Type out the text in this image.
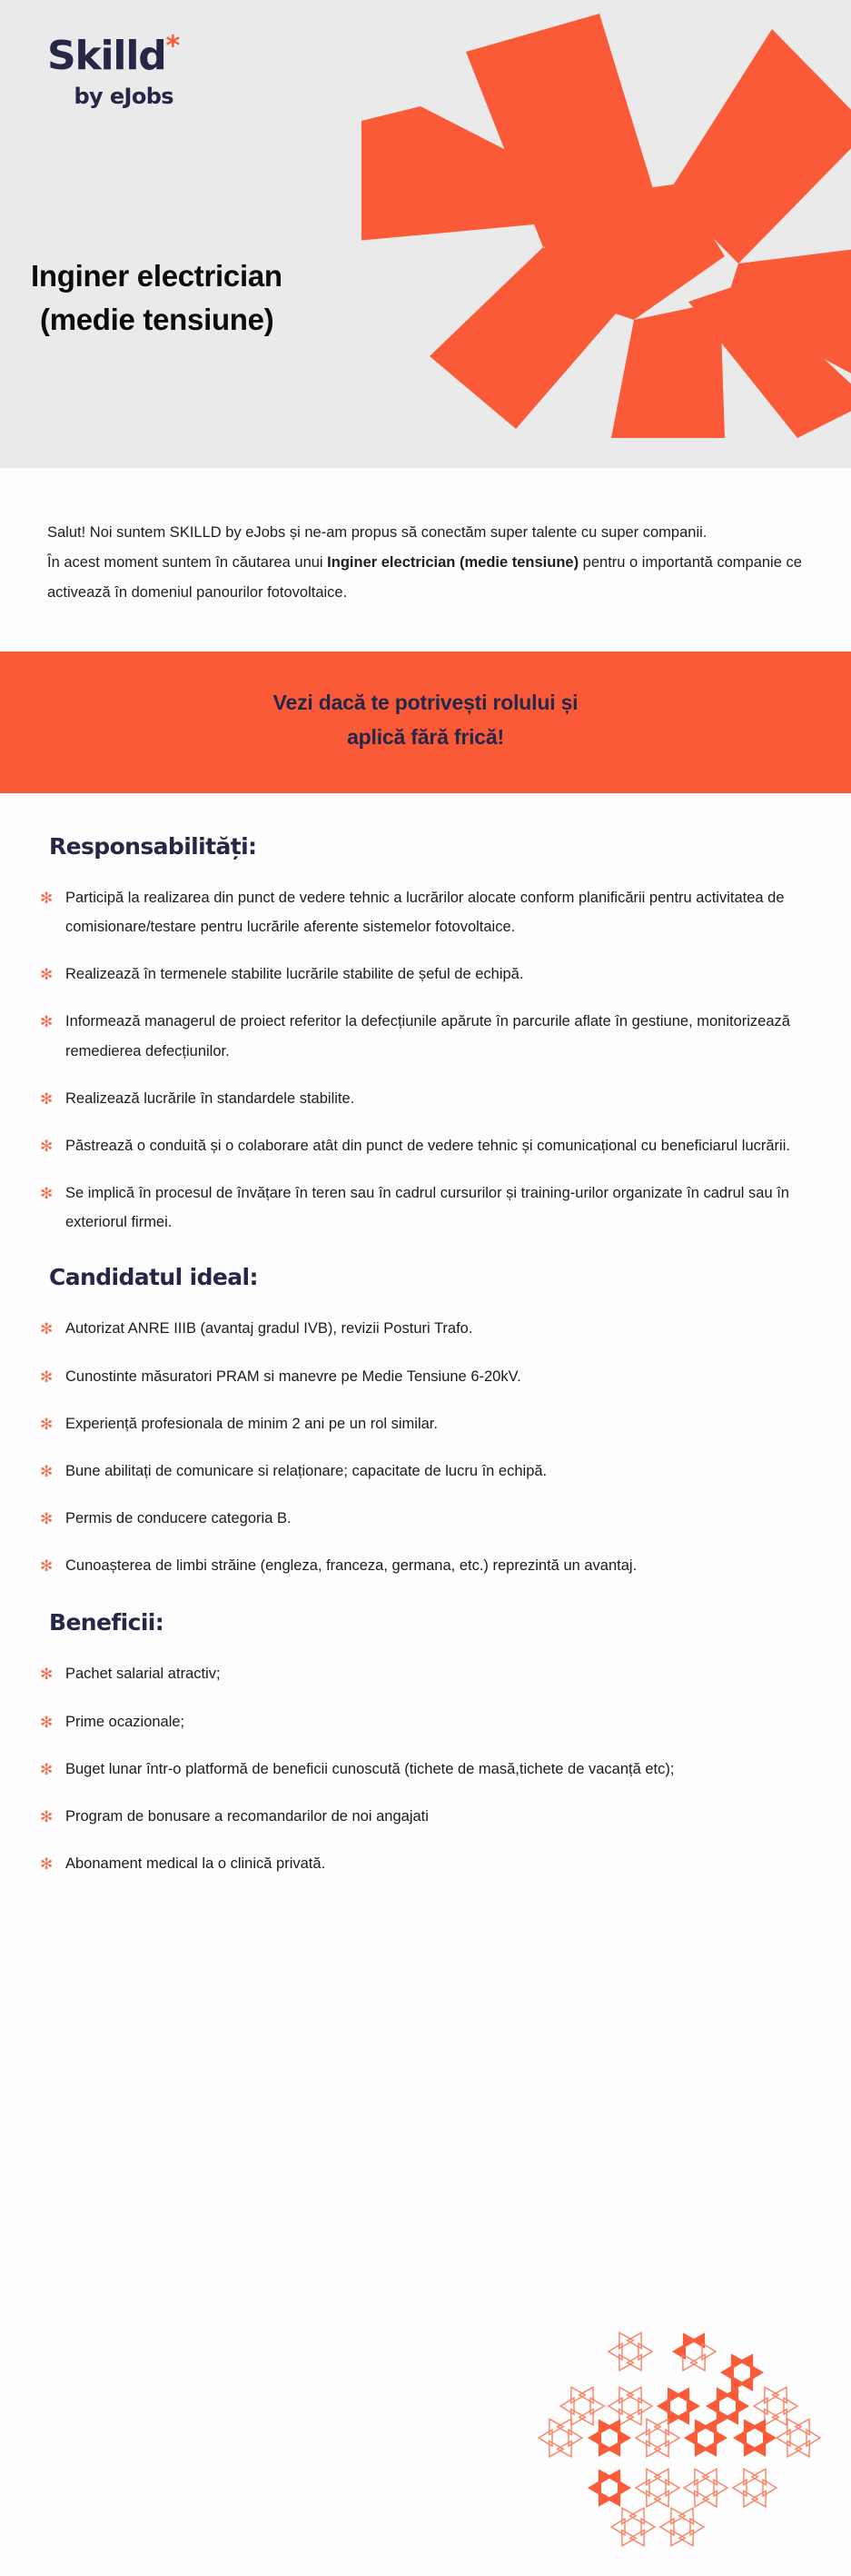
Skilld*
by eJobs
Inginer electrician
(medie tensiune)

Salut! Noi suntem SKILLD by eJobs și ne-am propus să conectăm super talente cu super companii.

În acest moment suntem în căutarea unui Inginer electrician (medie tensiune) pentru o importantă companie ce activează în domeniul panourilor fotovoltaice.

Vezi dacă te potrivești rolului și
aplică fără frică!
Responsabilități:
✻ Participă la realizarea din punct de vedere tehnic a lucrărilor alocate conform planificării pentru activitatea de comisionare/testare pentru lucrările aferente sistemelor fotovoltaice.
✻ Realizează în termenele stabilite lucrările stabilite de șeful de echipă.
✻ Informează managerul de proiect referitor la defecțiunile apărute în parcurile aflate în gestiune, monitorizează remedierea defecțiunilor.
✻ Realizează lucrările în standardele stabilite.
✻ Păstrează o conduită și o colaborare atât din punct de vedere tehnic și comunicațional cu beneficiarul lucrării.
✻ Se implică în procesul de învățare în teren sau în cadrul cursurilor și training-urilor organizate în cadrul sau în exteriorul firmei.
Candidatul ideal:
✻ Autorizat ANRE IIIB (avantaj gradul IVB), revizii Posturi Trafo.
✻ Cunostinte măsuratori PRAM si manevre pe Medie Tensiune 6-20kV.
✻ Experiență profesionala de minim 2 ani pe un rol similar.
✻ Bune abilitați de comunicare si relaționare; capacitate de lucru în echipă.
✻ Permis de conducere categoria B.
✻ Cunoașterea de limbi străine (engleza, franceza, germana, etc.) reprezintă un avantaj.
Beneficii:
✻ Pachet salarial atractiv;
✻ Prime ocazionale;
✻ Buget lunar într-o platformă de beneficii cunoscută (tichete de masă,tichete de vacanță etc);
✻ Program de bonusare a recomandarilor de noi angajati
✻ Abonament medical la o clinică privată.
